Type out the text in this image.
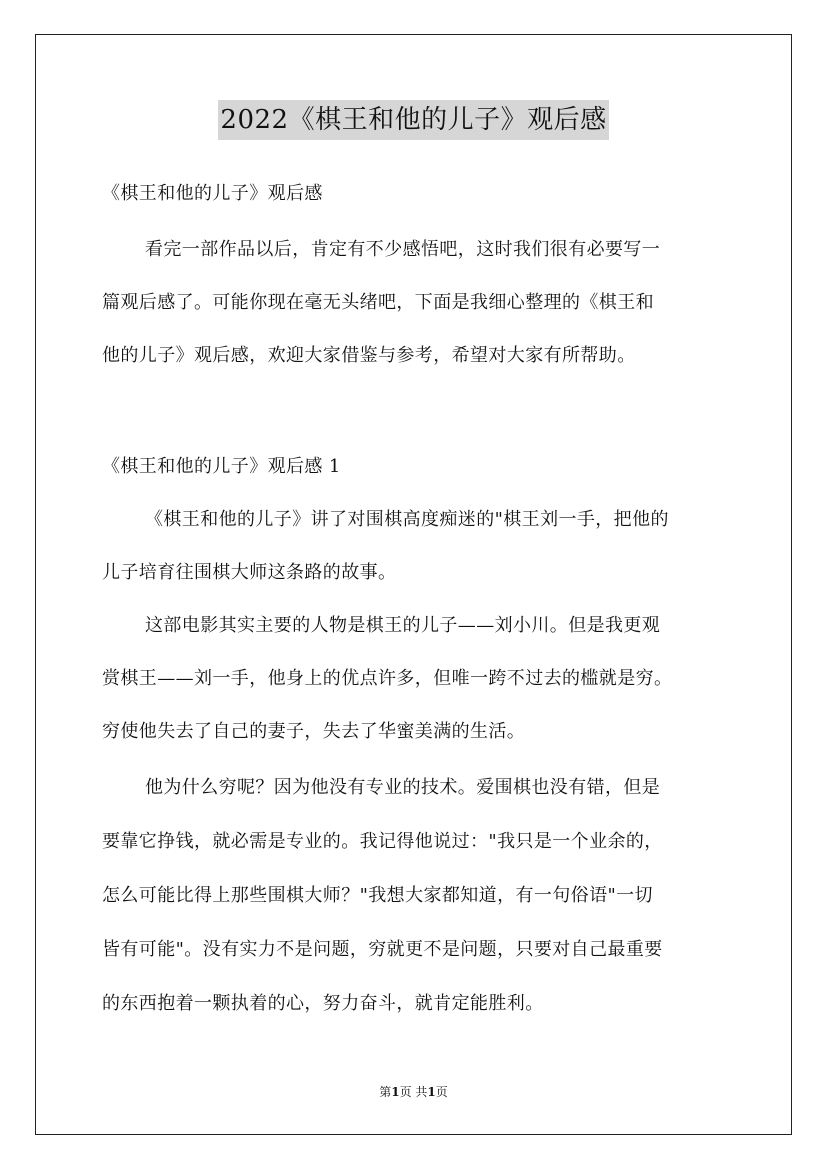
2022《棋王和他的儿子》观后感
《棋王和他的儿子》观后感
看完一部作品以后，肯定有不少感悟吧，这时我们很有必要写一
篇观后感了。可能你现在毫无头绪吧，下面是我细心整理的《棋王和
他的儿子》观后感，欢迎大家借鉴与参考，希望对大家有所帮助。
《棋王和他的儿子》观后感 1
《棋王和他的儿子》讲了对围棋高度痴迷的"棋王刘一手，把他的
儿子培育往围棋大师这条路的故事。
这部电影其实主要的人物是棋王的儿子——刘小川。但是我更观
赏棋王——刘一手，他身上的优点许多，但唯一跨不过去的槛就是穷。
穷使他失去了自己的妻子，失去了华蜜美满的生活。
他为什么穷呢？因为他没有专业的技术。爱围棋也没有错，但是
要靠它挣钱，就必需是专业的。我记得他说过："我只是一个业余的，
怎么可能比得上那些围棋大师？"我想大家都知道，有一句俗语"一切
皆有可能"。没有实力不是问题，穷就更不是问题，只要对自己最重要
的东西抱着一颗执着的心，努力奋斗，就肯定能胜利。
第1页 共1页
